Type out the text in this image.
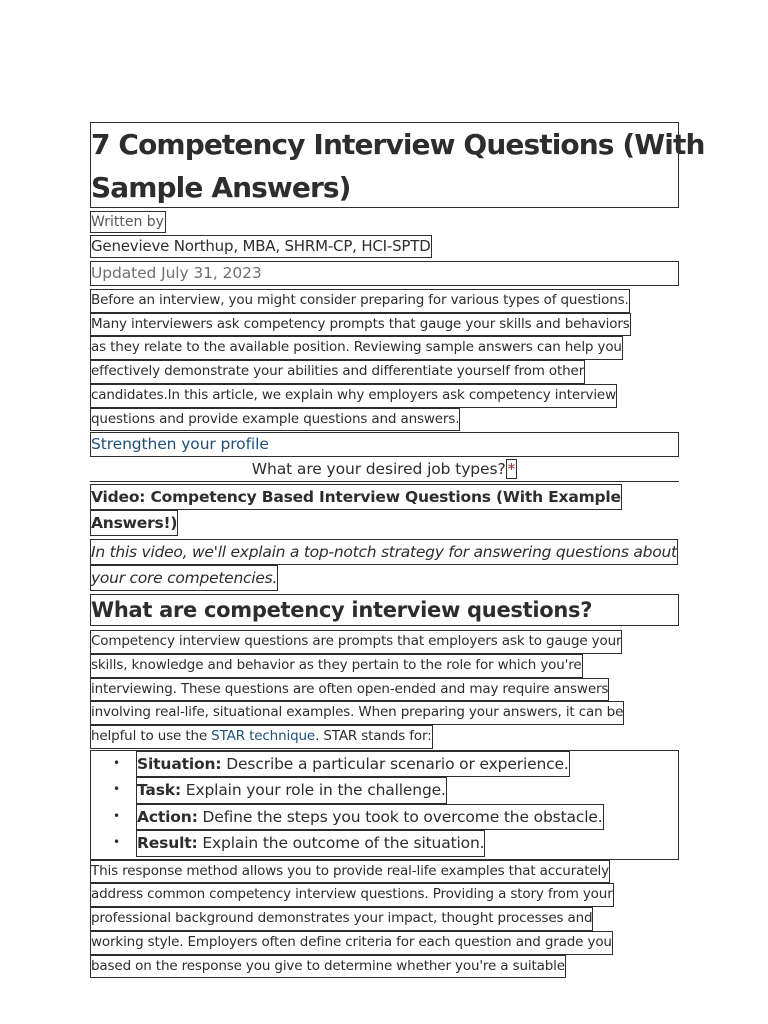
7 Competency Interview Questions (With
Sample Answers)
Written by
Genevieve Northup, MBA, SHRM-CP, HCI-SPTD
Updated July 31, 2023
Before an interview, you might consider preparing for various types of questions.
Many interviewers ask competency prompts that gauge your skills and behaviors
as they relate to the available position. Reviewing sample answers can help you
effectively demonstrate your abilities and differentiate yourself from other
candidates.In this article, we explain why employers ask competency interview
questions and provide example questions and answers.
Strengthen your profile
What are your desired job types? *
Video: Competency Based Interview Questions (With Example
Answers!)
In this video, we'll explain a top-notch strategy for answering questions about
your core competencies.
What are competency interview questions?
Competency interview questions are prompts that employers ask to gauge your
skills, knowledge and behavior as they pertain to the role for which you're
interviewing. These questions are often open-ended and may require answers
involving real-life, situational examples. When preparing your answers, it can be
helpful to use the STAR technique. STAR stands for:
• Situation: Describe a particular scenario or experience.
• Task: Explain your role in the challenge.
• Action: Define the steps you took to overcome the obstacle.
• Result: Explain the outcome of the situation.
This response method allows you to provide real-life examples that accurately
address common competency interview questions. Providing a story from your
professional background demonstrates your impact, thought processes and
working style. Employers often define criteria for each question and grade you
based on the response you give to determine whether you're a suitable
